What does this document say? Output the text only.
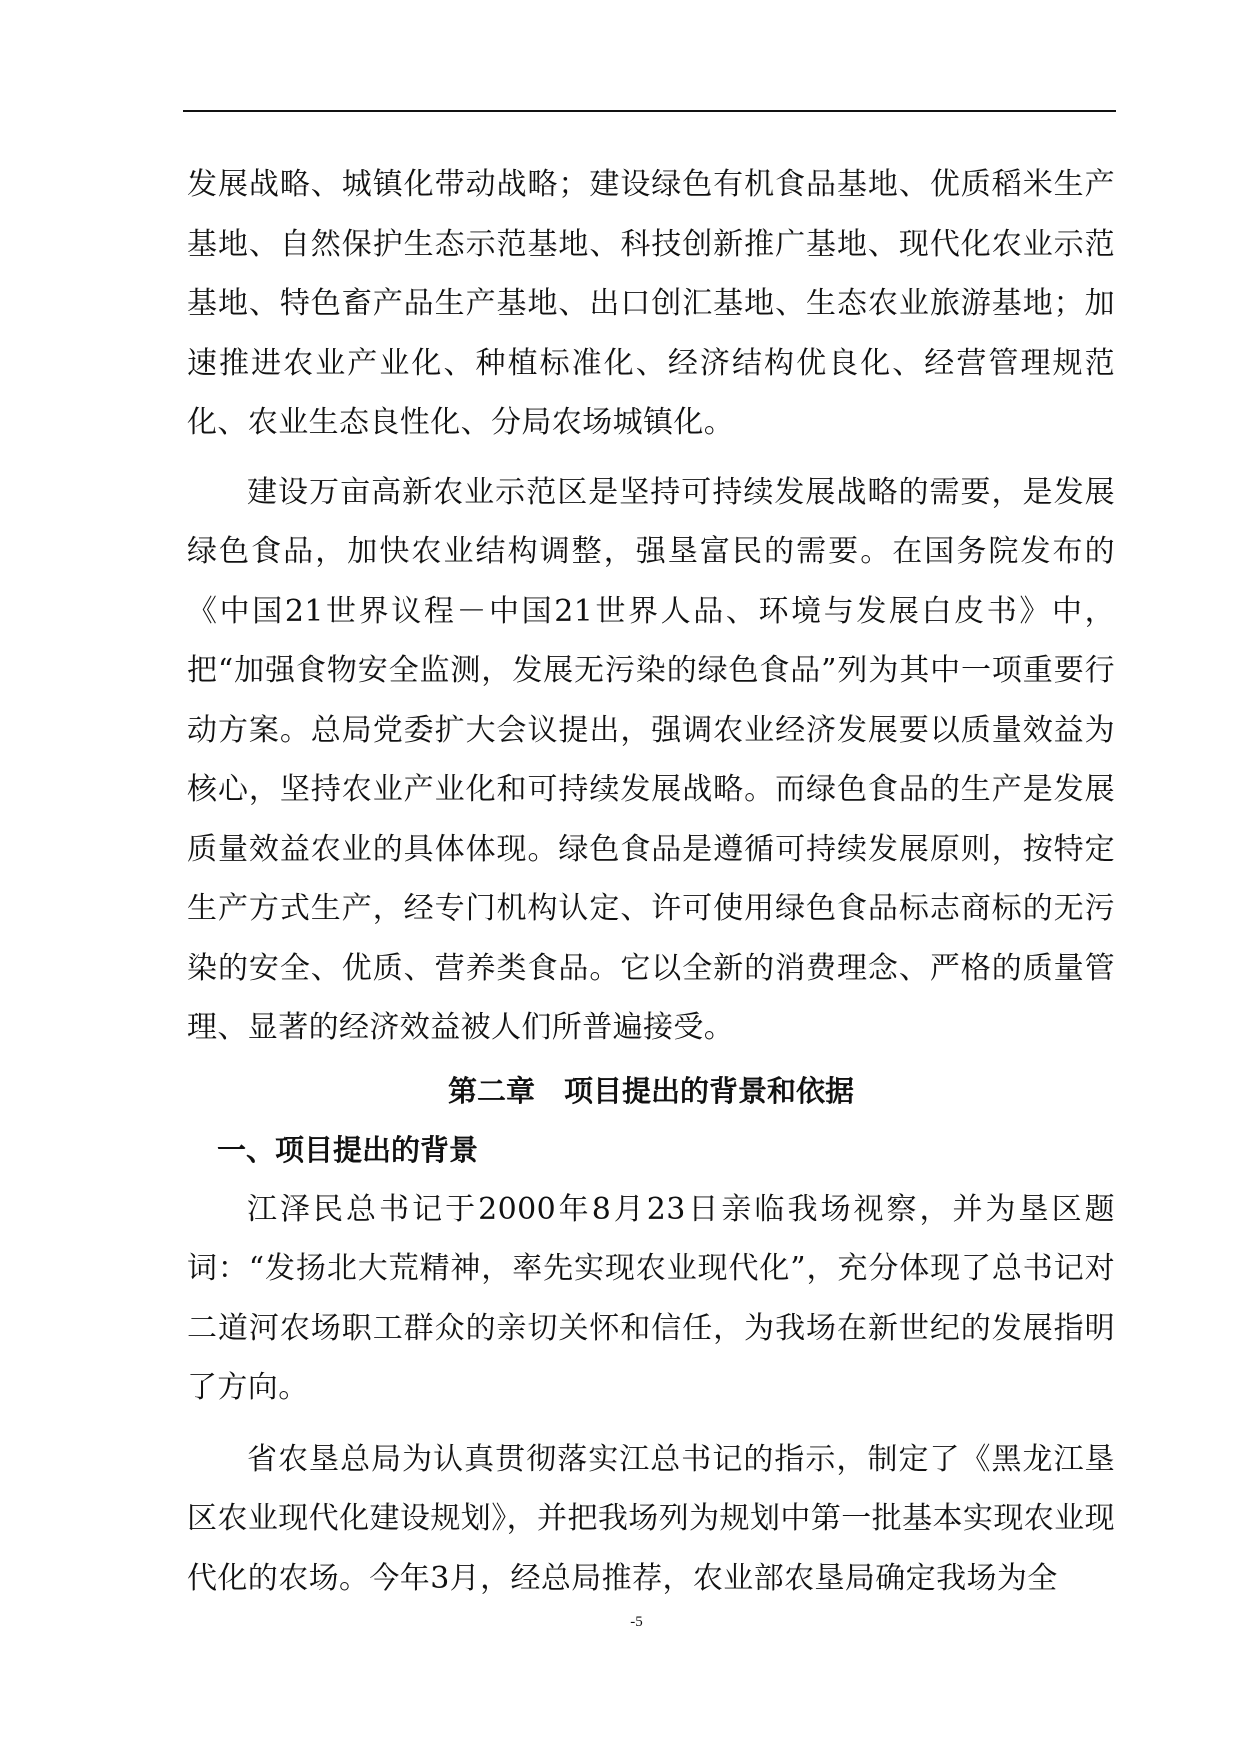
发展战略、城镇化带动战略；建设绿色有机食品基地、优质稻米生产基地、自然保护生态示范基地、科技创新推广基地、现代化农业示范基地、特色畜产品生产基地、出口创汇基地、生态农业旅游基地；加速推进农业产业化、种植标准化、经济结构优良化、经营管理规范化、农业生态良性化、分局农场城镇化。

建设万亩高新农业示范区是坚持可持续发展战略的需要，是发展绿色食品，加快农业结构调整，强垦富民的需要。在国务院发布的《中国21世界议程－中国21世界人品、环境与发展白皮书》中，把“加强食物安全监测，发展无污染的绿色食品”列为其中一项重要行动方案。总局党委扩大会议提出，强调农业经济发展要以质量效益为核心，坚持农业产业化和可持续发展战略。而绿色食品的生产是发展质量效益农业的具体体现。绿色食品是遵循可持续发展原则，按特定生产方式生产，经专门机构认定、许可使用绿色食品标志商标的无污染的安全、优质、营养类食品。它以全新的消费理念、严格的质量管理、显著的经济效益被人们所普遍接受。

第二章　项目提出的背景和依据
一、项目提出的背景

江泽民总书记于2000年8月23日亲临我场视察，并为垦区题词：“发扬北大荒精神，率先实现农业现代化”，充分体现了总书记对二道河农场职工群众的亲切关怀和信任，为我场在新世纪的发展指明了方向。

省农垦总局为认真贯彻落实江总书记的指示，制定了《黑龙江垦区农业现代化建设规划》，并把我场列为规划中第一批基本实现农业现代化的农场。今年3月，经总局推荐，农业部农垦局确定我场为全

-5
